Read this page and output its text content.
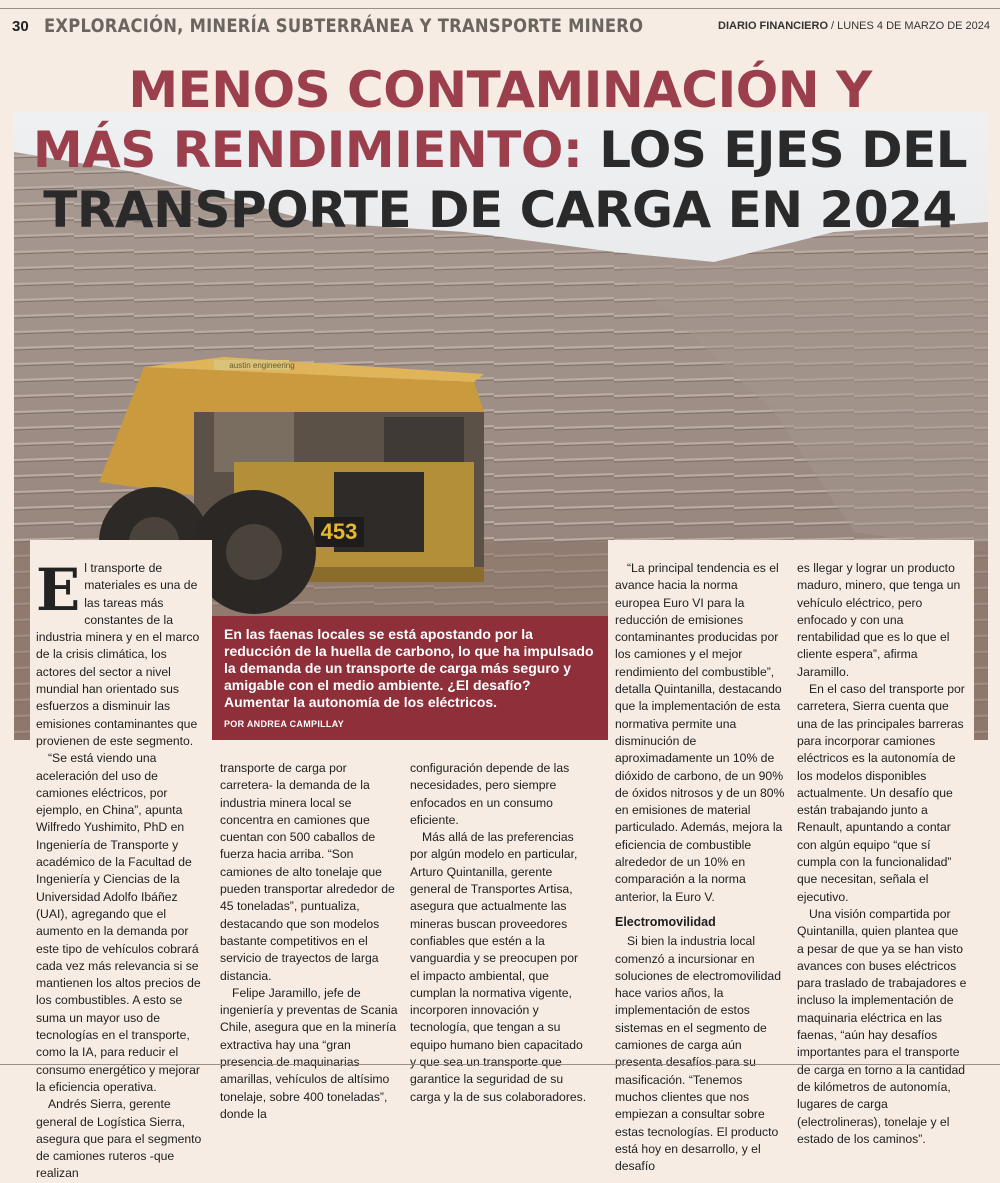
30 EXPLORACIÓN, MINERÍA SUBTERRÁNEA Y TRANSPORTE MINERO	DIARIO FINANCIERO / LUNES 4 DE MARZO DE 2024
453
austin engineering
MENOS CONTAMINACIÓN Y
MÁS RENDIMIENTO: LOS EJES DEL
TRANSPORTE DE CARGA EN 2024
En las faenas locales se está apostando por la reducción de la huella de carbono, lo que ha impulsado la demanda de un transporte de carga más seguro y amigable con el medio ambiente. ¿El desafío? Aumentar la autonomía de los eléctricos.
POR ANDREA CAMPILLAY

El transporte de materiales es una de las tareas más constantes de la industria minera y en el marco de la crisis climática, los actores del sector a nivel mundial han orientado sus esfuerzos a disminuir las emisiones contaminantes que provienen de este segmento.

“Se está viendo una aceleración del uso de camiones eléctricos, por ejemplo, en China”, apunta Wilfredo Yushimito, PhD en Ingeniería de Transporte y académico de la Facultad de Ingeniería y Ciencias de la Universidad Adolfo Ibáñez (UAI), agregando que el aumento en la demanda por este tipo de vehículos cobrará cada vez más relevancia si se mantienen los altos precios de los combustibles. A esto se suma un mayor uso de tecnologías en el transporte, como la IA, para reducir el consumo energético y mejorar la eficiencia operativa.

Andrés Sierra, gerente general de Logística Sierra, asegura que para el segmento de camiones ruteros -que realizan

transporte de carga por carretera- la demanda de la industria minera local se concentra en camiones que cuentan con 500 caballos de fuerza hacia arriba. “Son camiones de alto tonelaje que pueden transportar alrededor de 45 toneladas”, puntualiza, destacando que son modelos bastante competitivos en el servicio de trayectos de larga distancia.

Felipe Jaramillo, jefe de ingeniería y preventas de Scania Chile, asegura que en la minería extractiva hay una “gran presencia de maquinarias amarillas, vehículos de altísimo tonelaje, sobre 400 toneladas”, donde la

configuración depende de las necesidades, pero siempre enfocados en un consumo eficiente.

Más allá de las preferencias por algún modelo en particular, Arturo Quintanilla, gerente general de Transportes Artisa, asegura que actualmente las mineras buscan proveedores confiables que estén a la vanguardia y se preocupen por el impacto ambiental, que cumplan la normativa vigente, incorporen innovación y tecnología, que tengan a su equipo humano bien capacitado y que sea un transporte que garantice la seguridad de su carga y la de sus colaboradores.

“La principal tendencia es el avance hacia la norma europea Euro VI para la reducción de emisiones contaminantes producidas por los camiones y el mejor rendimiento del combustible”, detalla Quintanilla, destacando que la implementación de esta normativa permite una disminución de aproximadamente un 10% de dióxido de carbono, de un 90% de óxidos nitrosos y de un 80% en emisiones de material particulado. Además, mejora la eficiencia de combustible alrededor de un 10% en comparación a la norma anterior, la Euro V.

Electromovilidad

Si bien la industria local comenzó a incursionar en soluciones de electromovilidad hace varios años, la implementación de estos sistemas en el segmento de camiones de carga aún presenta desafíos para su masificación. “Tenemos muchos clientes que nos empiezan a consultar sobre estas tecnologías. El producto está hoy en desarrollo, y el desafío

es llegar y lograr un producto maduro, minero, que tenga un vehículo eléctrico, pero enfocado y con una rentabilidad que es lo que el cliente espera”, afirma Jaramillo.

En el caso del transporte por carretera, Sierra cuenta que una de las principales barreras para incorporar camiones eléctricos es la autonomía de los modelos disponibles actualmente. Un desafío que están trabajando junto a Renault, apuntando a contar con algún equipo “que sí cumpla con la funcionalidad” que necesitan, señala el ejecutivo.

Una visión compartida por Quintanilla, quien plantea que a pesar de que ya se han visto avances con buses eléctricos para traslado de trabajadores e incluso la implementación de maquinaria eléctrica en las faenas, “aún hay desafíos importantes para el transporte de carga en torno a la cantidad de kilómetros de autonomía, lugares de carga (electrolineras), tonelaje y el estado de los caminos”.
